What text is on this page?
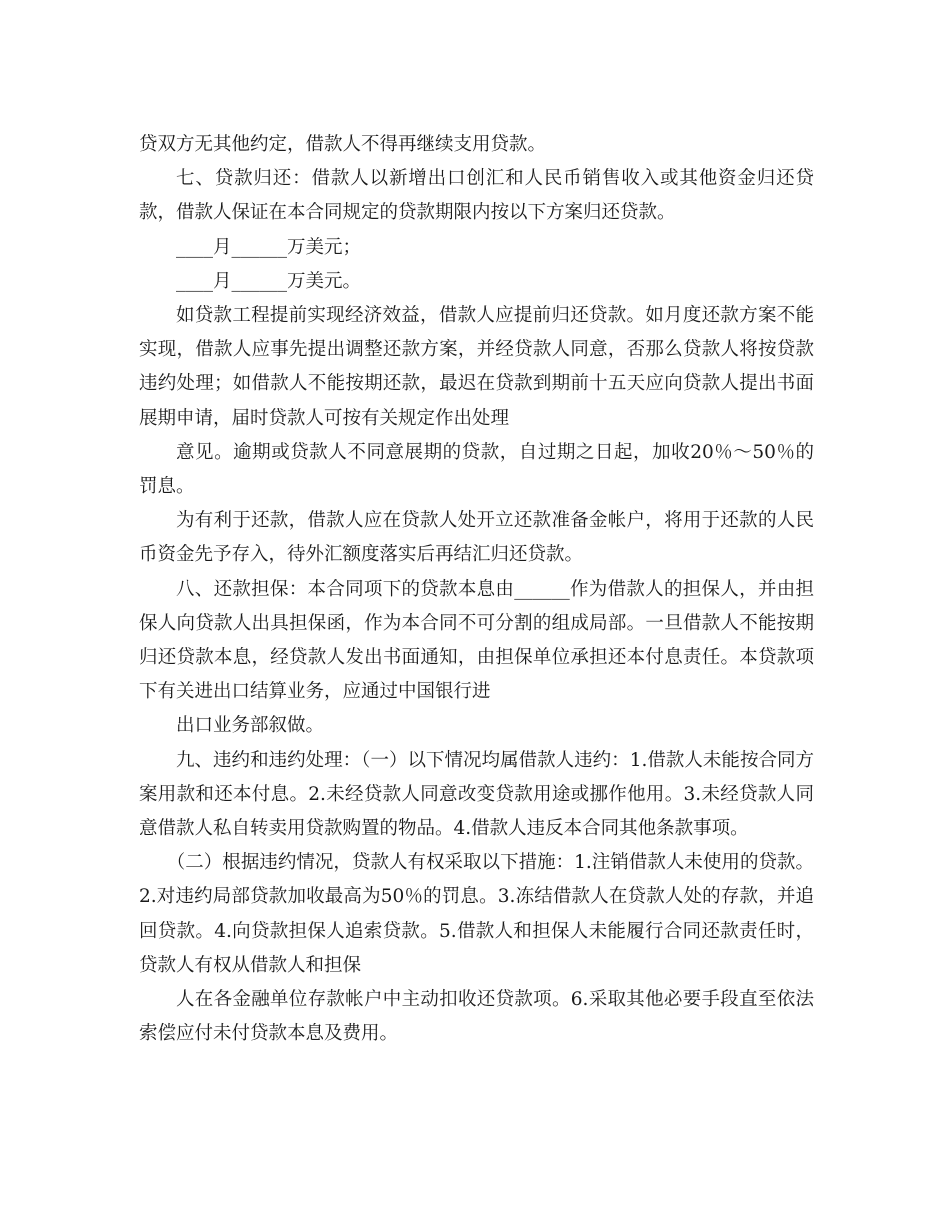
贷双方无其他约定，借款人不得再继续支用贷款。

七、贷款归还：借款人以新增出口创汇和人民币销售收入或其他资金归还贷款，借款人保证在本合同规定的贷款期限内按以下方案归还贷款。

____月______万美元；

____月______万美元。

如贷款工程提前实现经济效益，借款人应提前归还贷款。如月度还款方案不能实现，借款人应事先提出调整还款方案，并经贷款人同意，否那么贷款人将按贷款违约处理；如借款人不能按期还款，最迟在贷款到期前十五天应向贷款人提出书面展期申请，届时贷款人可按有关规定作出处理

意见。逾期或贷款人不同意展期的贷款，自过期之日起，加收20％～50％的罚息。

为有利于还款，借款人应在贷款人处开立还款准备金帐户，将用于还款的人民币资金先予存入，待外汇额度落实后再结汇归还贷款。

八、还款担保：本合同项下的贷款本息由______作为借款人的担保人，并由担保人向贷款人出具担保函，作为本合同不可分割的组成局部。一旦借款人不能按期归还贷款本息，经贷款人发出书面通知，由担保单位承担还本付息责任。本贷款项下有关进出口结算业务，应通过中国银行进

出口业务部叙做。

九、违约和违约处理：（一）以下情况均属借款人违约：1.借款人未能按合同方案用款和还本付息。2.未经贷款人同意改变贷款用途或挪作他用。3.未经贷款人同意借款人私自转卖用贷款购置的物品。4.借款人违反本合同其他条款事项。

（二）根据违约情况，贷款人有权采取以下措施：1.注销借款人未使用的贷款。2.对违约局部贷款加收最高为50％的罚息。3.冻结借款人在贷款人处的存款，并追回贷款。4.向贷款担保人追索贷款。5.借款人和担保人未能履行合同还款责任时，贷款人有权从借款人和担保

人在各金融单位存款帐户中主动扣收还贷款项。6.采取其他必要手段直至依法索偿应付未付贷款本息及费用。
